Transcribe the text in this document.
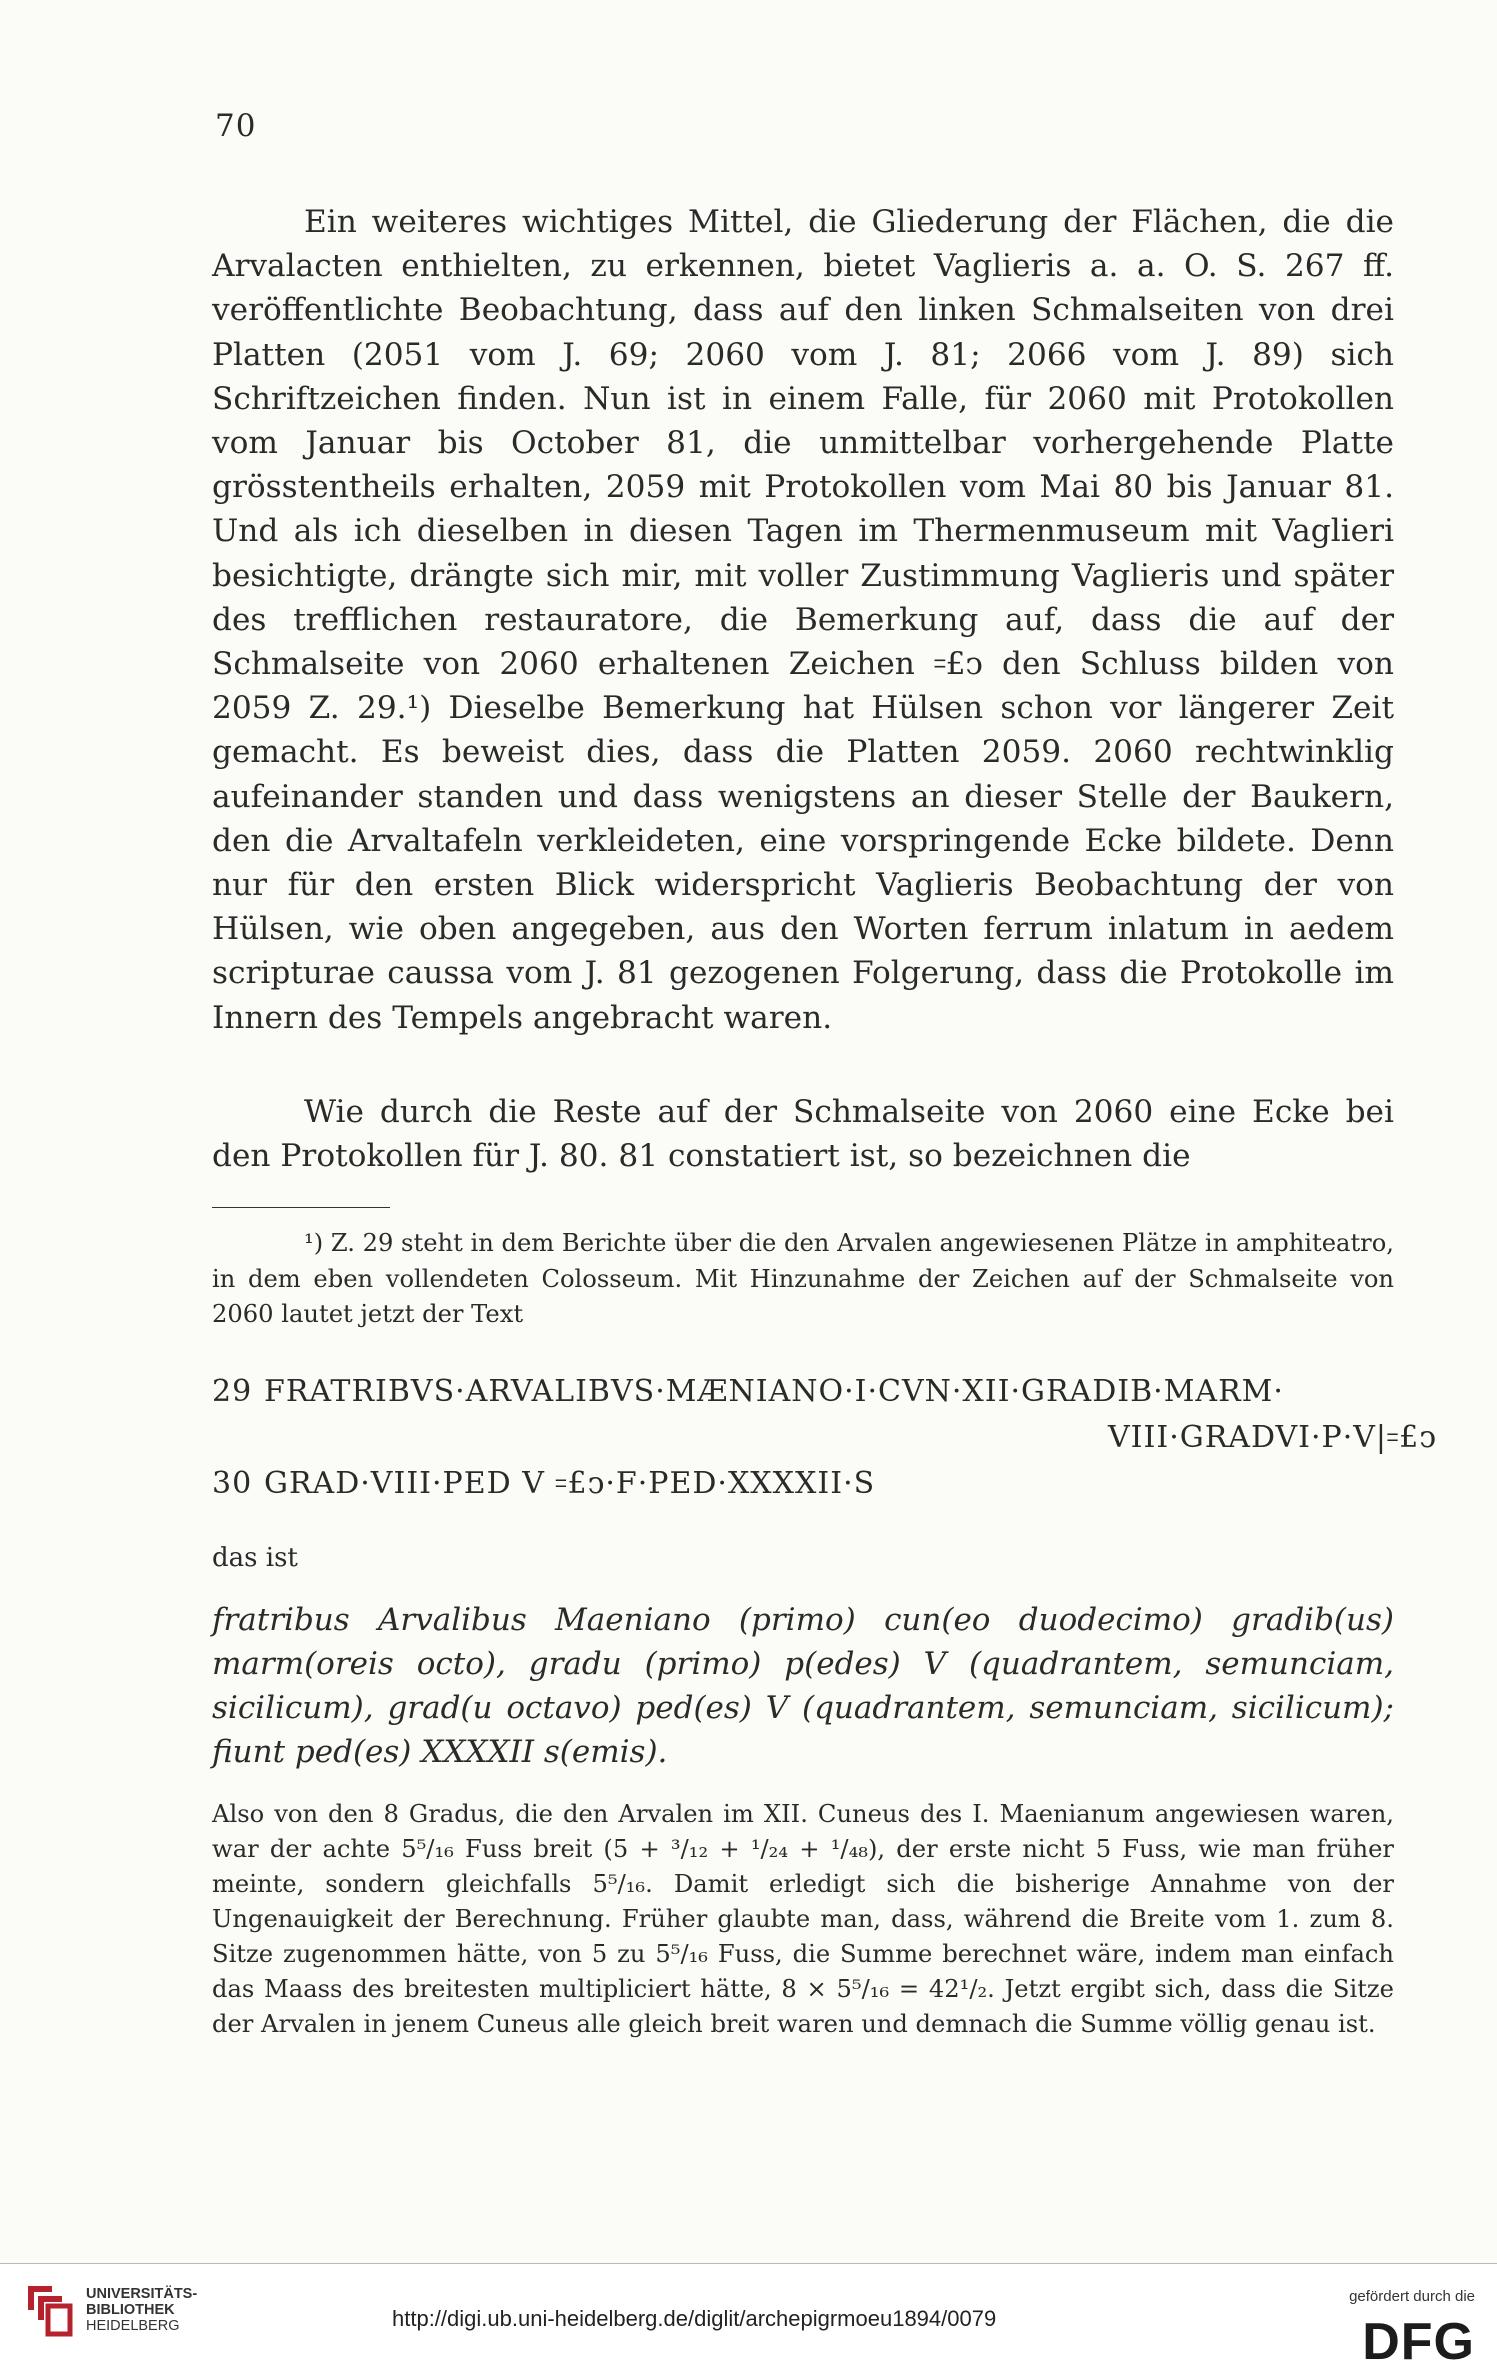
70

Ein weiteres wichtiges Mittel, die Gliederung der Flächen, die die Arvalacten enthielten, zu erkennen, bietet Vaglieris a. a. O. S. 267 ff. veröffentlichte Beobachtung, dass auf den linken Schmalseiten von drei Platten (2051 vom J. 69; 2060 vom J. 81; 2066 vom J. 89) sich Schriftzeichen finden. Nun ist in einem Falle, für 2060 mit Protokollen vom Januar bis October 81, die unmittelbar vorhergehende Platte grösstentheils erhalten, 2059 mit Protokollen vom Mai 80 bis Januar 81. Und als ich dieselben in diesen Tagen im Thermenmuseum mit Vaglieri besichtigte, drängte sich mir, mit voller Zustimmung Vaglieris und später des trefflichen restauratore, die Bemerkung auf, dass die auf der Schmalseite von 2060 erhaltenen Zeichen ꞊£ↄ den Schluss bilden von 2059 Z. 29.¹) Dieselbe Bemerkung hat Hülsen schon vor längerer Zeit gemacht. Es beweist dies, dass die Platten 2059. 2060 rechtwinklig aufeinander standen und dass wenigstens an dieser Stelle der Baukern, den die Arvaltafeln verkleideten, eine vorspringende Ecke bildete. Denn nur für den ersten Blick widerspricht Vaglieris Beobachtung der von Hülsen, wie oben angegeben, aus den Worten ferrum inlatum in aedem scripturae caussa vom J. 81 gezogenen Folgerung, dass die Protokolle im Innern des Tempels angebracht waren.

Wie durch die Reste auf der Schmalseite von 2060 eine Ecke bei den Protokollen für J. 80. 81 constatiert ist, so bezeichnen die

¹) Z. 29 steht in dem Berichte über die den Arvalen angewiesenen Plätze in amphiteatro, in dem eben vollendeten Colosseum. Mit Hinzunahme der Zeichen auf der Schmalseite von 2060 lautet jetzt der Text

29 FRATRIBVS·ARVALIBVS·MÆNIANO·I·CVN·XII·GRADIB·MARM·
VIII·GRADVI·P·V|꞊£ↄ
30 GRAD·VIII·PED V ꞊£ↄ·F·PED·XXXXII·S
das ist

fratribus Arvalibus Maeniano (primo) cun(eo duodecimo) gradib(us) marm(oreis octo), gradu (primo) p(edes) V (quadrantem, semunciam, sicilicum), grad(u octavo) ped(es) V (quadrantem, semunciam, sicilicum); fiunt ped(es) XXXXII s(emis).

Also von den 8 Gradus, die den Arvalen im XII. Cuneus des I. Maenianum angewiesen waren, war der achte 5⁵/₁₆ Fuss breit (5 + ³/₁₂ + ¹/₂₄ + ¹/₄₈), der erste nicht 5 Fuss, wie man früher meinte, sondern gleichfalls 5⁵/₁₆. Damit erledigt sich die bisherige Annahme von der Ungenauigkeit der Berechnung. Früher glaubte man, dass, während die Breite vom 1. zum 8. Sitze zugenommen hätte, von 5 zu 5⁵/₁₆ Fuss, die Summe berechnet wäre, indem man einfach das Maass des breitesten multipliciert hätte, 8 × 5⁵/₁₆ = 42¹/₂. Jetzt ergibt sich, dass die Sitze der Arvalen in jenem Cuneus alle gleich breit waren und demnach die Summe völlig genau ist.

UNIVERSITÄTS-
BIBLIOTHEK
HEIDELBERG	http://digi.ub.uni-heidelberg.de/diglit/archepigrmoeu1894/0079
gefördert durch die
DFG
